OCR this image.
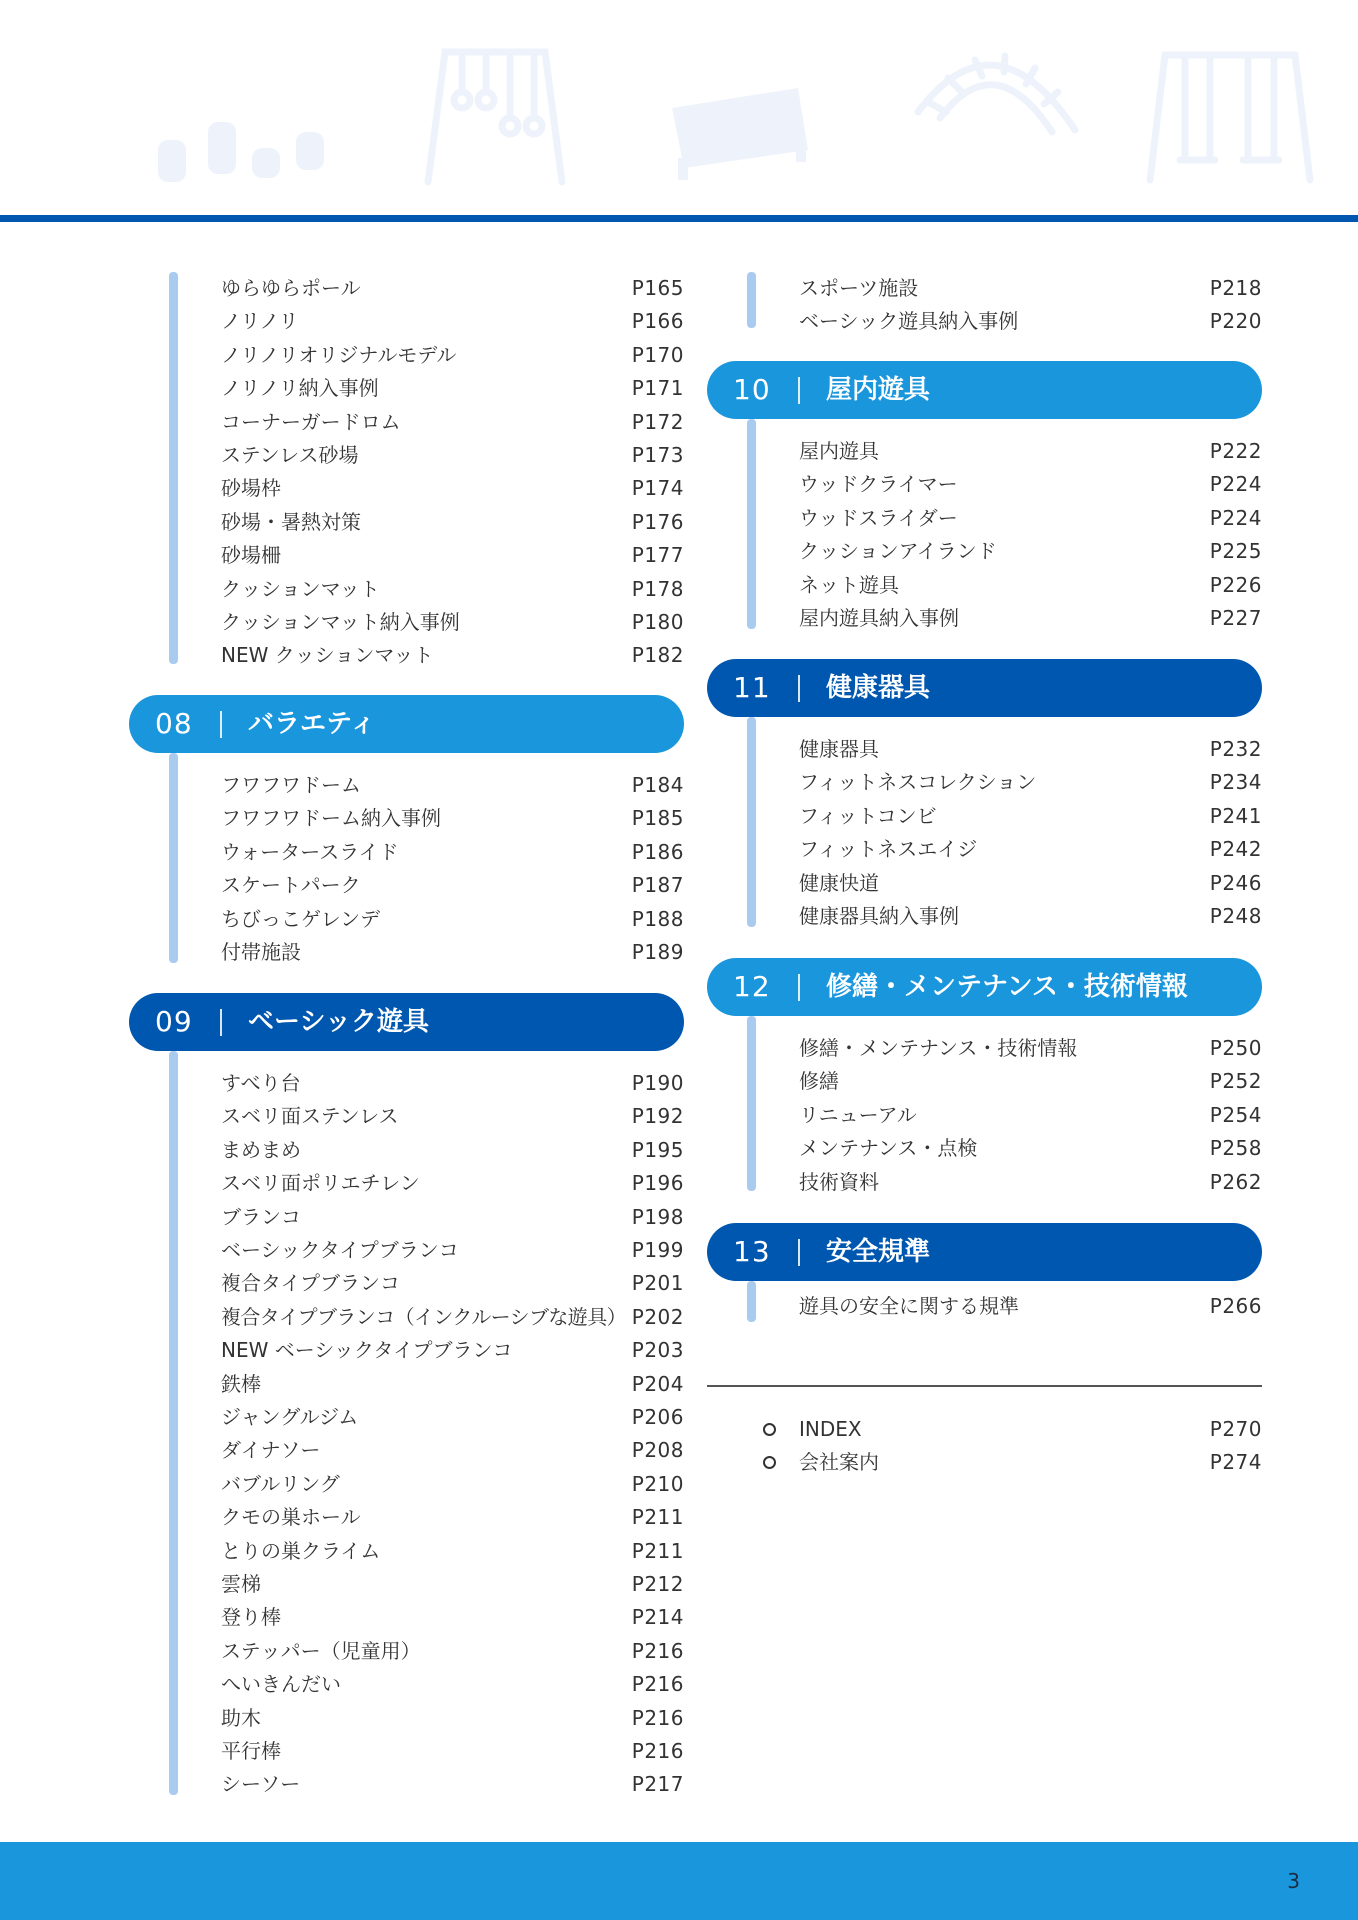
ゆらゆらポール	P165
ノリノリ	P166
ノリノリオリジナルモデル	P170
ノリノリ納入事例	P171
コーナーガードロム	P172
ステンレス砂場	P173
砂場枠	P174
砂場・暑熱対策	P176
砂場柵	P177
クッションマット	P178
クッションマット納入事例	P180
NEW クッションマット	P182
08 バラエティ
フワフワドーム	P184
フワフワドーム納入事例	P185
ウォータースライド	P186
スケートパーク	P187
ちびっこゲレンデ	P188
付帯施設	P189
09 ベーシック遊具
すべり台	P190
スベリ面ステンレス	P192
まめまめ	P195
スベリ面ポリエチレン	P196
ブランコ	P198
ベーシックタイプブランコ	P199
複合タイプブランコ	P201
複合タイプブランコ（インクルーシブな遊具） P202
NEW ベーシックタイプブランコ	P203
鉄棒	P204
ジャングルジム	P206
ダイナソー	P208
バブルリング	P210
クモの巣ホール	P211
とりの巣クライム	P211
雲梯	P212
登り棒	P214
ステッパー（児童用）	P216
へいきんだい	P216
助木	P216
平行棒	P216
シーソー	P217
スポーツ施設	P218
ベーシック遊具納入事例	P220
10 屋内遊具
屋内遊具	P222
ウッドクライマー	P224
ウッドスライダー	P224
クッションアイランド	P225
ネット遊具	P226
屋内遊具納入事例	P227
11 健康器具
健康器具	P232
フィットネスコレクション	P234
フィットコンビ	P241
フィットネスエイジ	P242
健康快道	P246
健康器具納入事例	P248
12 修繕・メンテナンス・技術情報
修繕・メンテナンス・技術情報	P250
修繕	P252
リニューアル	P254
メンテナンス・点検	P258
技術資料	P262
13 安全規準
遊具の安全に関する規準	P266
INDEX	P270
会社案内	P274
3
